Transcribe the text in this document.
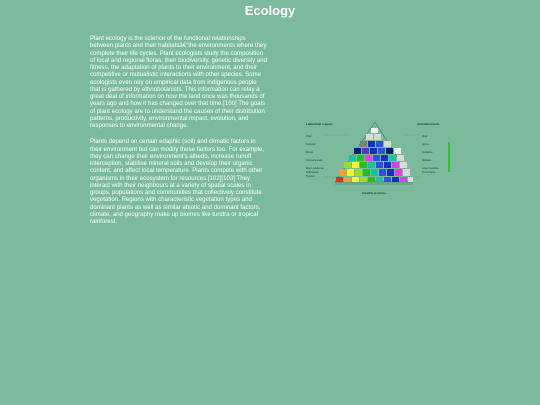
Ecology

Plant ecology is the science of the functional relationships between plants and their habitatsâ€”the environments where they complete their life cycles. Plant ecologists study the composition of local and regional floras, their biodiversity, genetic diversity and fitness, the adaptation of plants to their environment, and their competitive or mutualistic interactions with other species. Some ecologists even rely on empirical data from indigenous people that is gathered by ethnobotanists. This information can relay a great deal of information on how the land once was thousands of years ago and how it has changed over that time.[100] The goals of plant ecology are to understand the causes of their distribution patterns, productivity, environmental impact, evolution, and responses to environmental change.

Plants depend on certain edaphic (soil) and climatic factors in their environment but can modify these factors too. For example, they can change their environment's albedo, increase runoff interception, stabilise mineral soils and develop their organic content, and affect local temperature. Plants compete with other organisms in their ecosystem for resources.[102][103] They interact with their neighbours at a variety of spatial scales in groups, populations and communities that collectively constitute vegetation. Regions with characteristic vegetation types and dominant plants as well as similar abiotic and dominant factors, climate, and geography make up biomes like tundra or tropical rainforest.

Latitudinal regions
Polar
Subpolar
Boreal
Cool temperate
Warm temperate
Subtropical
Tropical
Altitudinal belts
Alvar
Alpine
Subalpine
Montane
Lower montane
Premontane
Humidity provinces
